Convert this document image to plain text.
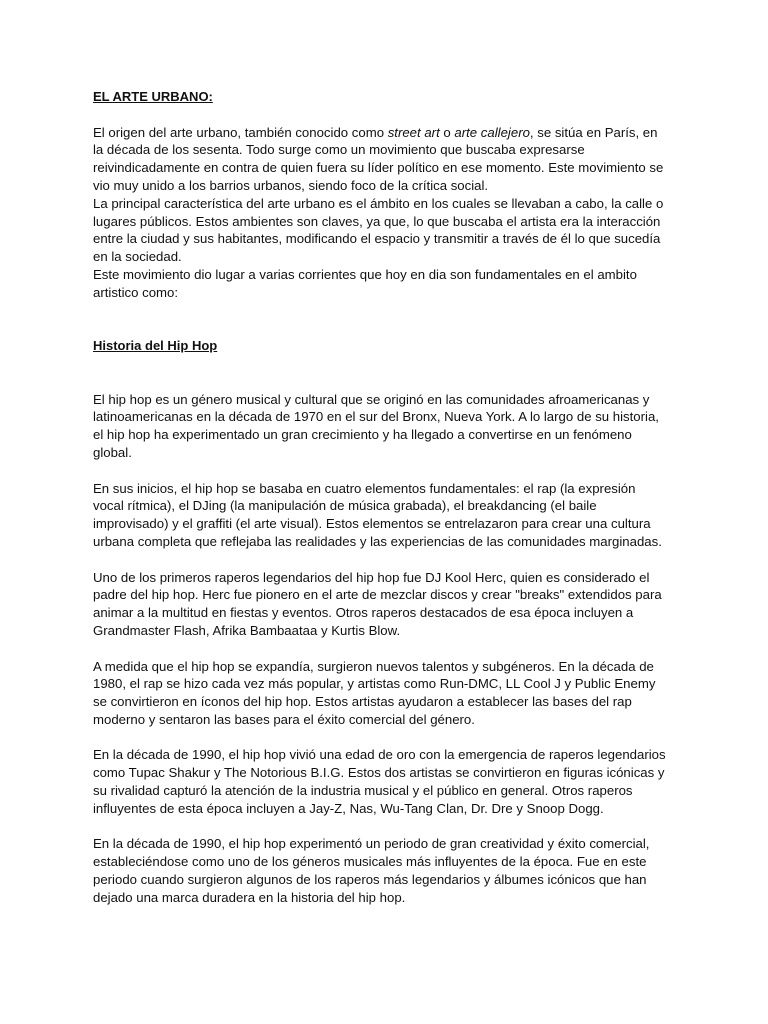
EL ARTE URBANO:

El origen del arte urbano, también conocido como street art o arte callejero, se sitúa en París, en la década de los sesenta. Todo surge como un movimiento que buscaba expresarse reivindicadamente en contra de quien fuera su líder político en ese momento. Este movimiento se vio muy unido a los barrios urbanos, siendo foco de la crítica social.

La principal característica del arte urbano es el ámbito en los cuales se llevaban a cabo, la calle o lugares públicos. Estos ambientes son claves, ya que, lo que buscaba el artista era la interacción entre la ciudad y sus habitantes, modificando el espacio y transmitir a través de él lo que sucedía en la sociedad.

Este movimiento dio lugar a varias corrientes que hoy en dia son fundamentales en el ambito artistico como:

Historia del Hip Hop

El hip hop es un género musical y cultural que se originó en las comunidades afroamericanas y latinoamericanas en la década de 1970 en el sur del Bronx, Nueva York. A lo largo de su historia, el hip hop ha experimentado un gran crecimiento y ha llegado a convertirse en un fenómeno global.

En sus inicios, el hip hop se basaba en cuatro elementos fundamentales: el rap (la expresión vocal rítmica), el DJing (la manipulación de música grabada), el breakdancing (el baile improvisado) y el graffiti (el arte visual). Estos elementos se entrelazaron para crear una cultura urbana completa que reflejaba las realidades y las experiencias de las comunidades marginadas.

Uno de los primeros raperos legendarios del hip hop fue DJ Kool Herc, quien es considerado el padre del hip hop. Herc fue pionero en el arte de mezclar discos y crear "breaks" extendidos para animar a la multitud en fiestas y eventos. Otros raperos destacados de esa época incluyen a Grandmaster Flash, Afrika Bambaataa y Kurtis Blow.

A medida que el hip hop se expandía, surgieron nuevos talentos y subgéneros. En la década de 1980, el rap se hizo cada vez más popular, y artistas como Run-DMC, LL Cool J y Public Enemy se convirtieron en íconos del hip hop. Estos artistas ayudaron a establecer las bases del rap moderno y sentaron las bases para el éxito comercial del género.

En la década de 1990, el hip hop vivió una edad de oro con la emergencia de raperos legendarios como Tupac Shakur y The Notorious B.I.G. Estos dos artistas se convirtieron en figuras icónicas y su rivalidad capturó la atención de la industria musical y el público en general. Otros raperos influyentes de esta época incluyen a Jay-Z, Nas, Wu-Tang Clan, Dr. Dre y Snoop Dogg.

En la década de 1990, el hip hop experimentó un periodo de gran creatividad y éxito comercial, estableciéndose como uno de los géneros musicales más influyentes de la época. Fue en este periodo cuando surgieron algunos de los raperos más legendarios y álbumes icónicos que han dejado una marca duradera en la historia del hip hop.
